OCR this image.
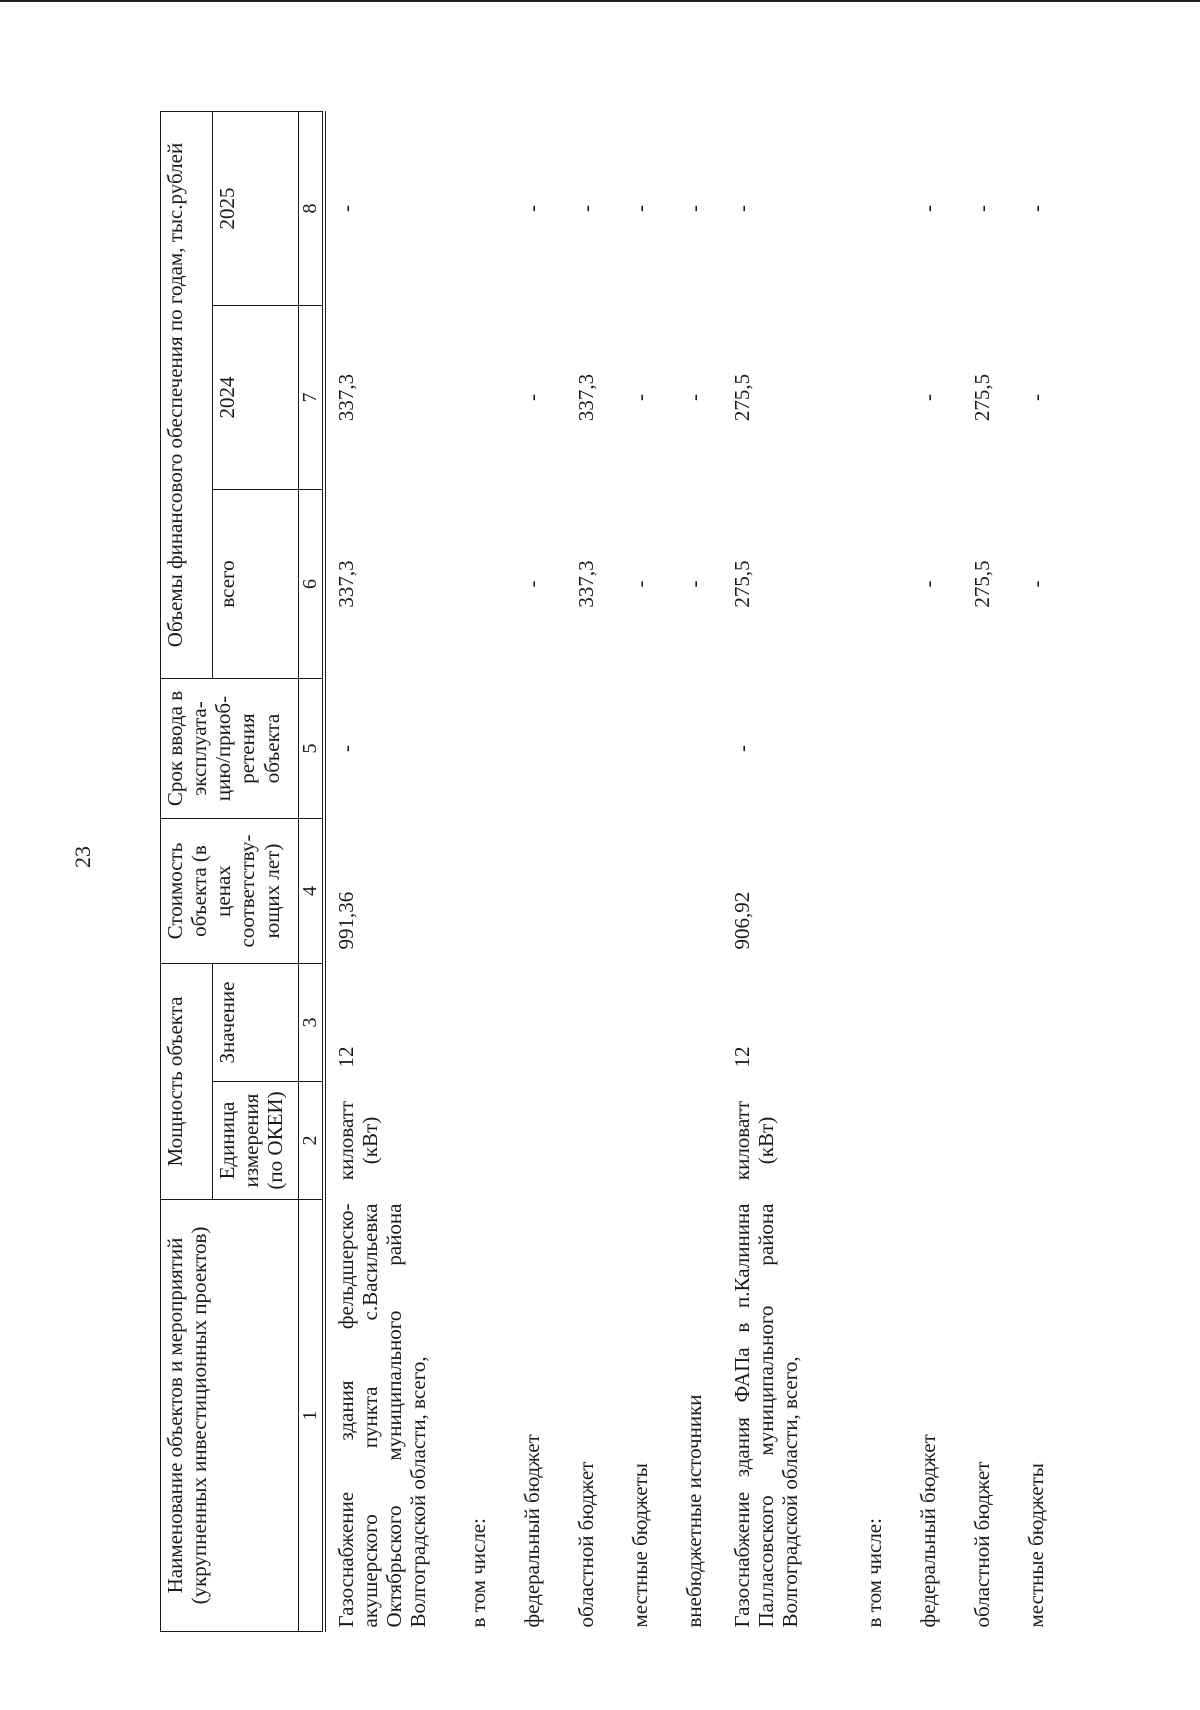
23
Наименование объектов и мероприятий (укрупненных инвестиционных проектов)	Мощность объекта		Стоимость объекта (в ценах соответству-ющих лет)	Срок ввода в эксплуата-цию/приоб-ретения объекта	Объемы финансового обеспечения по годам, тыс.рублей		
	Единица измерения (по ОКЕИ)	Значение			всего	2024	2025
1	2	3	4	5	6	7	8
Газоснабжение здания фельдшерско-акушерского пункта с.Васильевка Октябрьского муниципального района Волгоградской области, всего,	киловатт (кВт)	12	991,36	-	337,3	337,3	-
в том числе:							
федеральный бюджет					-	-	-
областной бюджет					337,3	337,3	-
местные бюджеты					-	-	-
внебюджетные источники					-	-	-
Газоснабжение здания ФАПа в п.Калинина Палласовского муниципального района Волгоградской области, всего,	киловатт (кВт)	12	906,92	-	275,5	275,5	-
в том числе:							
федеральный бюджет					-	-	-
областной бюджет					275,5	275,5	-
местные бюджеты					-	-	-
